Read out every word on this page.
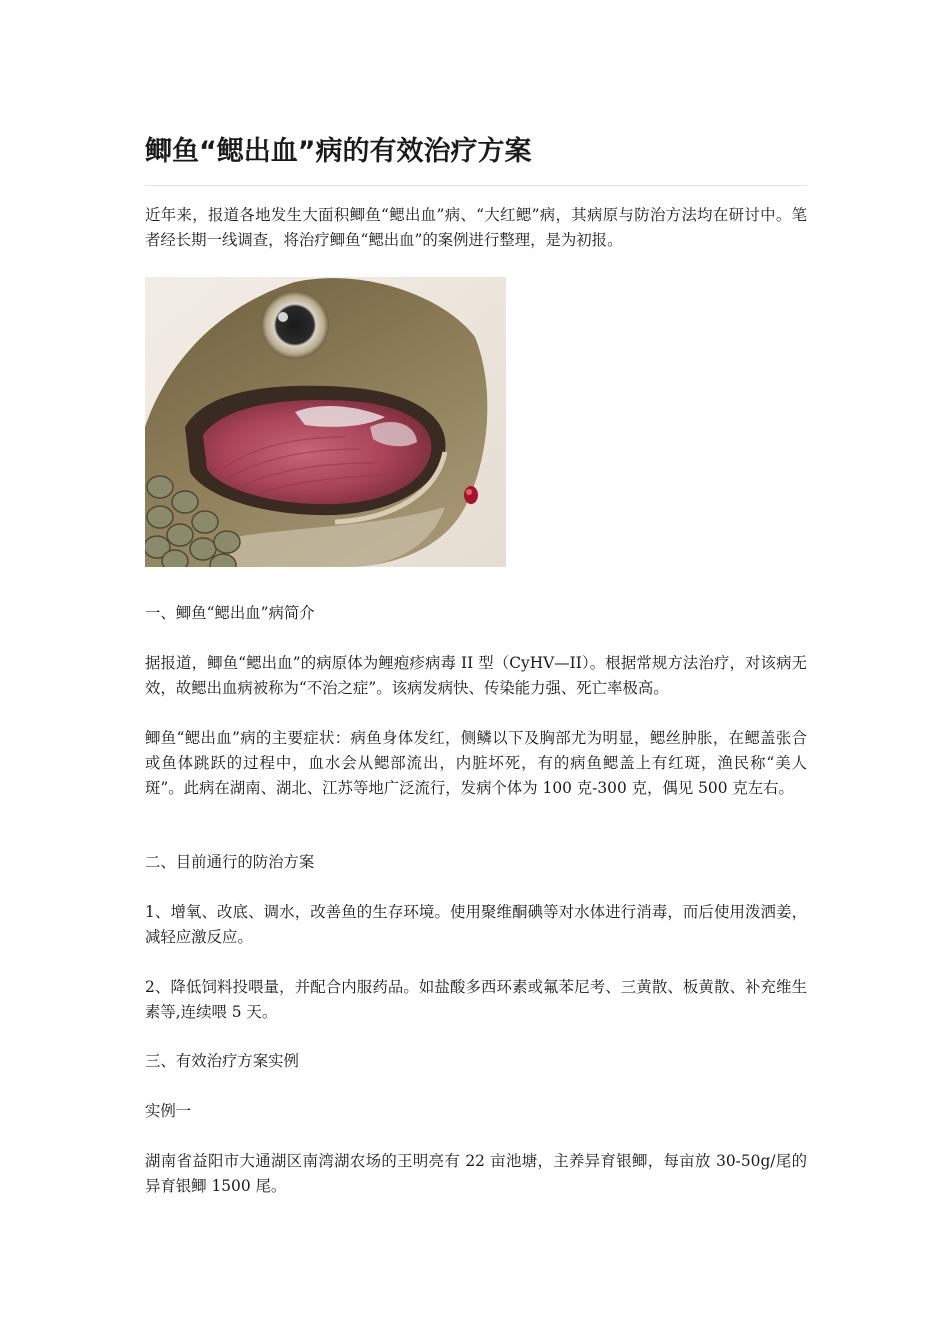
鲫鱼“鳃出血”病的有效治疗方案

近年来，报道各地发生大面积鲫鱼“鳃出血”病、“大红鳃”病，其病原与防治方法均在研讨中。笔者经长期一线调查，将治疗鲫鱼“鳃出血”的案例进行整理，是为初报。

一、鲫鱼“鳃出血”病简介

据报道，鲫鱼“鳃出血”的病原体为鲤疱疹病毒 II 型（CyHV—II）。根据常规方法治疗，对该病无效，故鳃出血病被称为“不治之症”。该病发病快、传染能力强、死亡率极高。

鲫鱼“鳃出血”病的主要症状：病鱼身体发红，侧鳞以下及胸部尤为明显，鳃丝肿胀，在鳃盖张合或鱼体跳跃的过程中，血水会从鳃部流出，内脏坏死，有的病鱼鳃盖上有红斑，渔民称“美人斑”。此病在湖南、湖北、江苏等地广泛流行，发病个体为 100 克-300 克，偶见 500 克左右。

二、目前通行的防治方案

1、增氧、改底、调水，改善鱼的生存环境。使用聚维酮碘等对水体进行消毒，而后使用泼洒姜，减轻应激反应。

2、降低饲料投喂量，并配合内服药品。如盐酸多西环素或氟苯尼考、三黄散、板黄散、补充维生素等,连续喂 5 天。

三、有效治疗方案实例

实例一

湖南省益阳市大通湖区南湾湖农场的王明亮有 22 亩池塘，主养异育银鲫，每亩放 30-50g/尾的异育银鲫 1500 尾。
